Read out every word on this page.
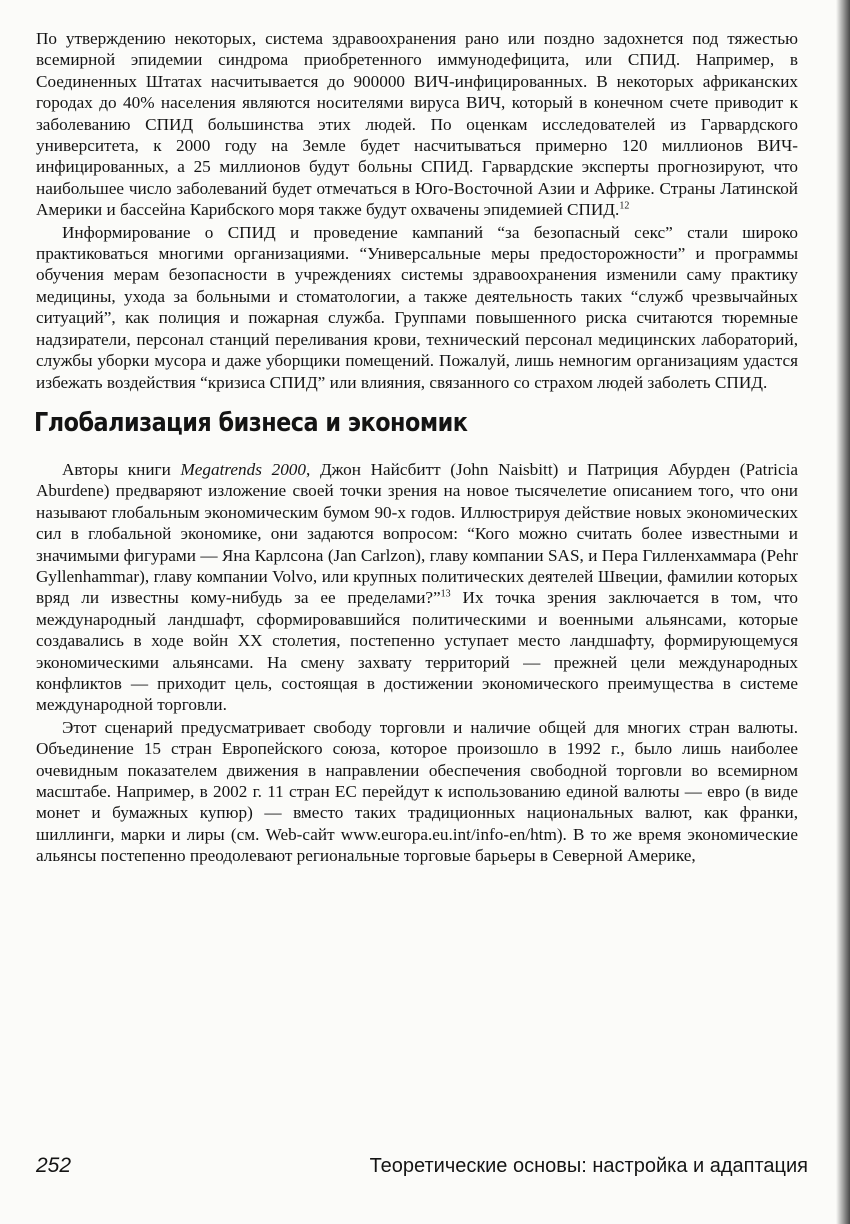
По утверждению некоторых, система здравоохранения рано или поздно задохнется под тяжестью всемирной эпидемии синдрома приобретенного иммунодефицита, или СПИД. Например, в Соединенных Штатах насчитывается до 900000 ВИЧ-инфицированных. В некоторых африканских городах до 40% населения являются носителями вируса ВИЧ, который в конечном счете приводит к заболеванию СПИД большинства этих людей. По оценкам исследователей из Гарвардского университета, к 2000 году на Земле будет насчитываться примерно 120 миллионов ВИЧ-инфицированных, а 25 миллионов будут больны СПИД. Гарвардские эксперты прогнозируют, что наибольшее число заболеваний будет отмечаться в Юго-Восточной Азии и Африке. Страны Латинской Америки и бассейна Карибского моря также будут охвачены эпидемией СПИД.$^{12}$

Информирование о СПИД и проведение кампаний “за безопасный секс” стали широко практиковаться многими организациями. “Универсальные меры предосторожности” и программы обучения мерам безопасности в учреждениях системы здравоохранения изменили саму практику медицины, ухода за больными и стоматологии, а также деятельность таких “служб чрезвычайных ситуаций”, как полиция и пожарная служба. Группами повышенного риска считаются тюремные надзиратели, персонал станций переливания крови, технический персонал медицинских лабораторий, службы уборки мусора и даже уборщики помещений. Пожалуй, лишь немногим организациям удастся избежать воздействия “кризиса СПИД” или влияния, связанного со страхом людей заболеть СПИД.

Глобализация бизнеса и экономик

Авторы книги Megatrends 2000, Джон Найсбитт (John Naisbitt) и Патриция Абурден (Patricia Aburdene) предваряют изложение своей точки зрения на новое тысячелетие описанием того, что они называют глобальным экономическим бумом 90-х годов. Иллюстрируя действие новых экономических сил в глобальной экономике, они задаются вопросом: “Кого можно считать более известными и значимыми фигурами — Яна Карлсона (Jan Carlzon), главу компании SAS, и Пера Гилленхаммара (Pehr Gyllenhammar), главу компании Volvo, или крупных политических деятелей Швеции, фамилии которых вряд ли известны кому-нибудь за ее пределами?”$^{13}$ Их точка зрения заключается в том, что международный ландшафт, сформировавшийся политическими и военными альянсами, которые создавались в ходе войн XX столетия, постепенно уступает место ландшафту, формирующемуся экономическими альянсами. На смену захвату территорий — прежней цели международных конфликтов — приходит цель, состоящая в достижении экономического преимущества в системе международной торговли.

Этот сценарий предусматривает свободу торговли и наличие общей для многих стран валюты. Объединение 15 стран Европейского союза, которое произошло в 1992 г., было лишь наиболее очевидным показателем движения в направлении обеспечения свободной торговли во всемирном масштабе. Например, в 2002 г. 11 стран ЕС перейдут к использованию единой валюты — евро (в виде монет и бумажных купюр) — вместо таких традиционных национальных валют, как франки, шиллинги, марки и лиры (см. Web-сайт www.europa.eu.int/info-en/htm). В то же время экономические альянсы постепенно преодолевают региональные торговые барьеры в Северной Америке,

252	Теоретические основы: настройка и адаптация
